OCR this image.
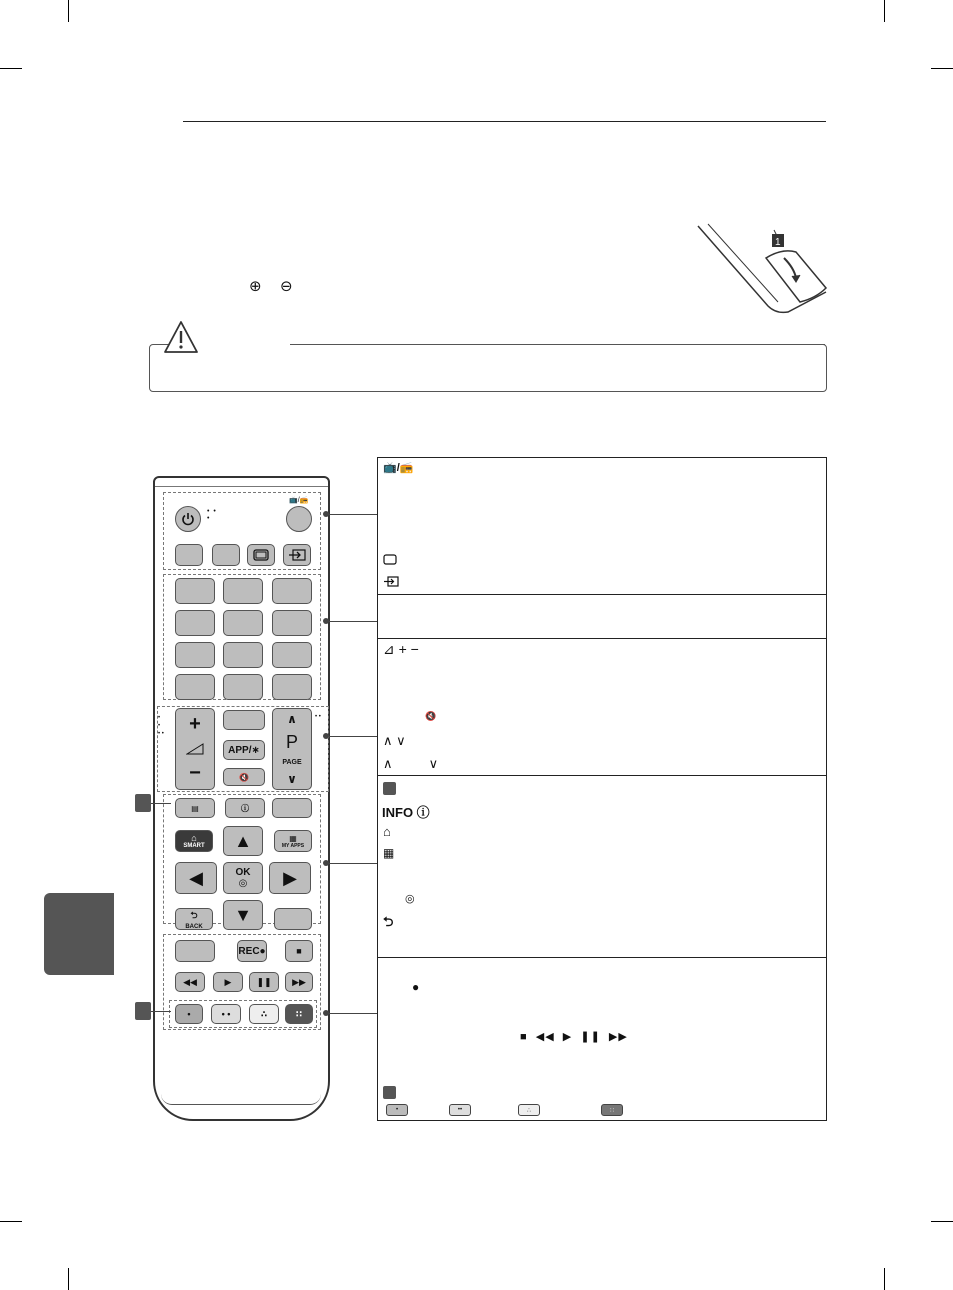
⊕ ⊖
1
• •
•
📺/📻
•
•
• •
• •
+
−
APP/∗
🔇
∧
P
PAGE
∨
▤	ⓘ
⌂
SMART
▦
MY APPS
▲
◀	OK
◎	▶
⮌
BACK
▼
REC●	■
◀◀	▶	❚❚	▶▶
•	• •	∴	∷
📺/📻
⊿ + −
🔇
∧ ∨
∧          ∨
INFO ⓘ
⌂
▦
◎
⮌
●
■  ◀◀  ▶  ❚❚  ▶▶
•	••	∴	∷
